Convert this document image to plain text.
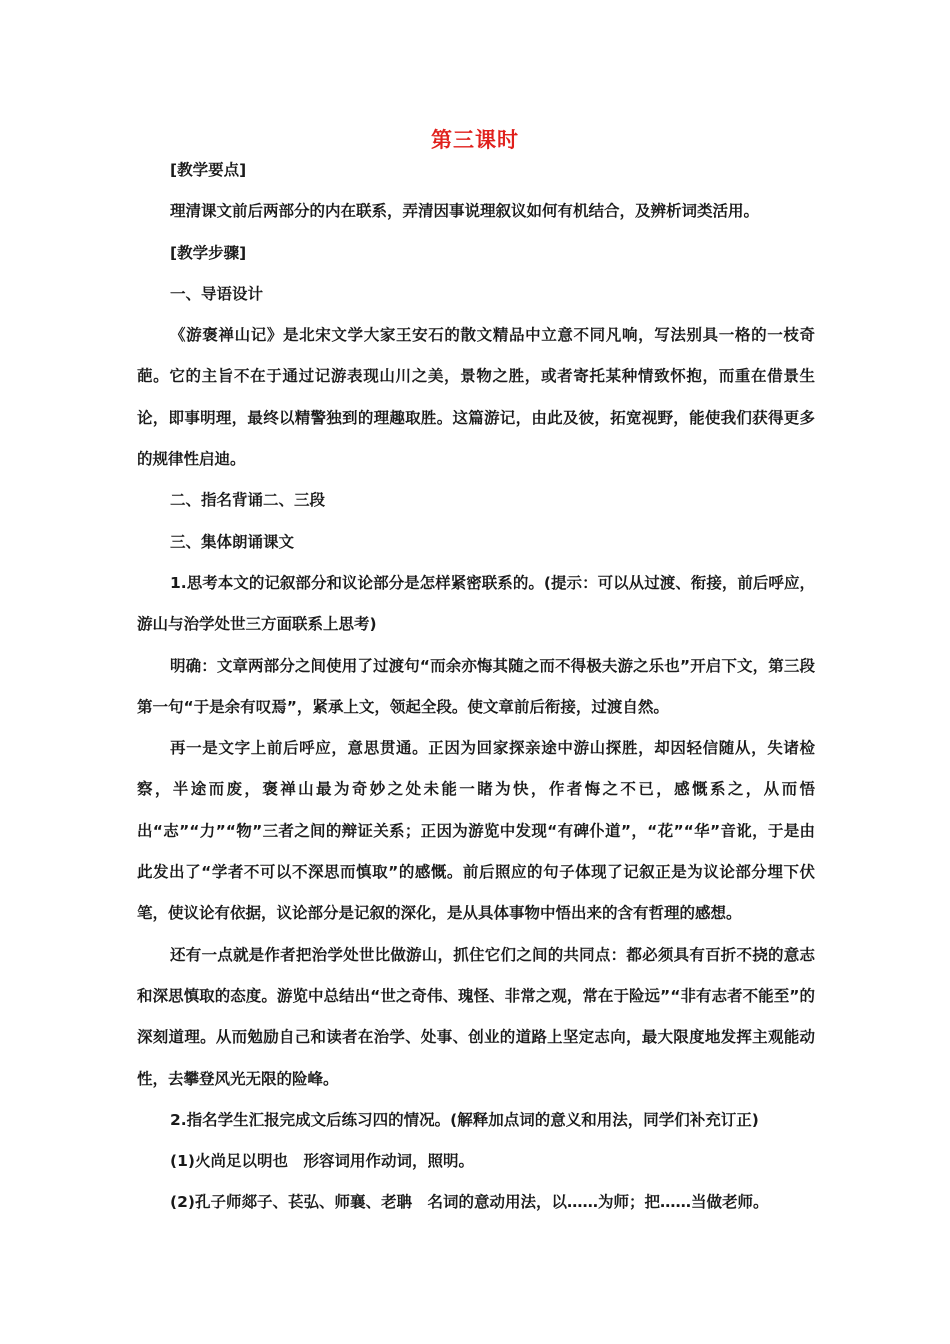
第三课时

[教学要点]

理清课文前后两部分的内在联系，弄清因事说理叙议如何有机结合，及辨析词类活用。

[教学步骤]

一、导语设计

《游褒禅山记》是北宋文学大家王安石的散文精品中立意不同凡响，写法别具一格的一枝奇葩。它的主旨不在于通过记游表现山川之美，景物之胜，或者寄托某种情致怀抱，而重在借景生论，即事明理，最终以精警独到的理趣取胜。这篇游记，由此及彼，拓宽视野，能使我们获得更多的规律性启迪。

二、指名背诵二、三段

三、集体朗诵课文

1.思考本文的记叙部分和议论部分是怎样紧密联系的。(提示：可以从过渡、衔接，前后呼应，游山与治学处世三方面联系上思考)

明确：文章两部分之间使用了过渡句“而余亦悔其随之而不得极夫游之乐也”开启下文，第三段第一句“于是余有叹焉”，紧承上文，领起全段。使文章前后衔接，过渡自然。

再一是文字上前后呼应，意思贯通。正因为回家探亲途中游山探胜，却因轻信随从，失诸检察，半途而废，褒禅山最为奇妙之处未能一睹为快，作者悔之不已，感慨系之，从而悟出“志”“力”“物”三者之间的辩证关系；正因为游览中发现“有碑仆道”，“花”“华”音讹，于是由此发出了“学者不可以不深思而慎取”的感慨。前后照应的句子体现了记叙正是为议论部分埋下伏笔，使议论有依据，议论部分是记叙的深化，是从具体事物中悟出来的含有哲理的感想。

还有一点就是作者把治学处世比做游山，抓住它们之间的共同点：都必须具有百折不挠的意志和深思慎取的态度。游览中总结出“世之奇伟、瑰怪、非常之观，常在于险远”“非有志者不能至”的深刻道理。从而勉励自己和读者在治学、处事、创业的道路上坚定志向，最大限度地发挥主观能动性，去攀登风光无限的险峰。

2.指名学生汇报完成文后练习四的情况。(解释加点词的意义和用法，同学们补充订正)

(1)火尚足以明也　形容词用作动词，照明。

(2)孔子师郯子、苌弘、师襄、老聃　名词的意动用法，以……为师；把……当做老师。
